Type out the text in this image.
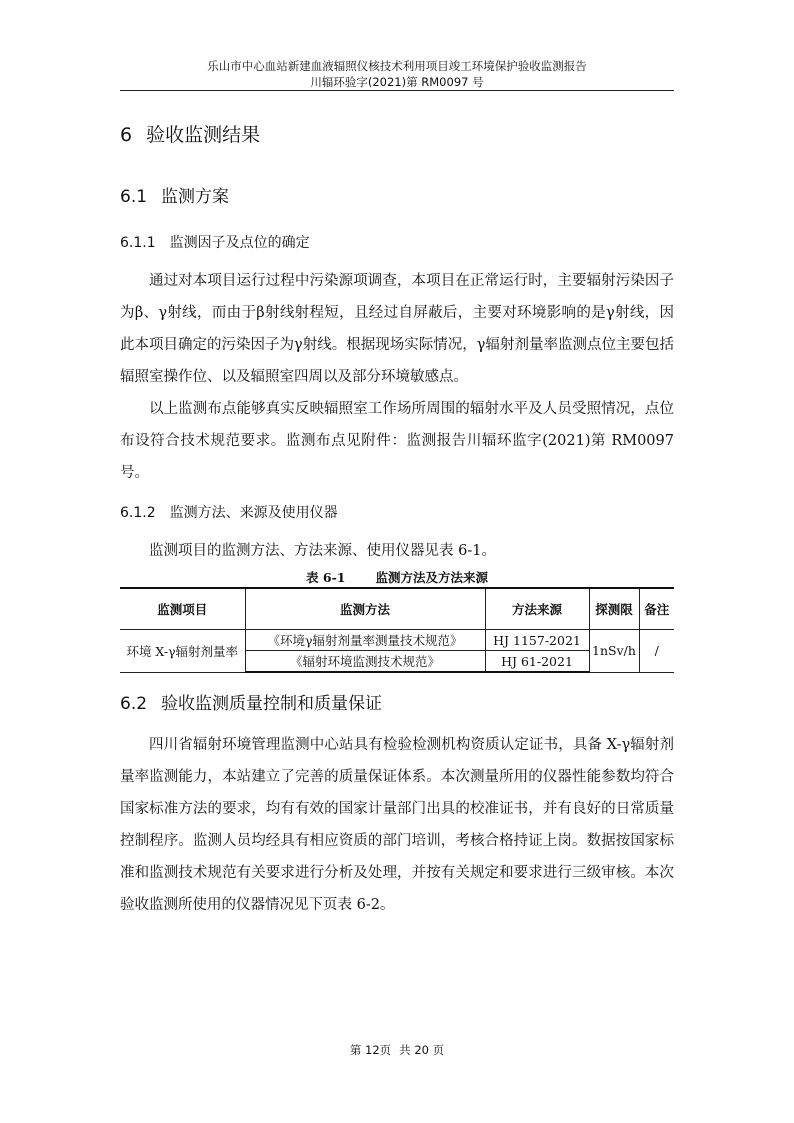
乐山市中心血站新建血液辐照仪核技术利用项目竣工环境保护验收监测报告
川辐环验字(2021)第 RM0097 号
6 验收监测结果
6.1 监测方案
6.1.1 监测因子及点位的确定

通过对本项目运行过程中污染源项调查，本项目在正常运行时，主要辐射污染因子为β、γ射线，而由于β射线射程短，且经过自屏蔽后，主要对环境影响的是γ射线，因此本项目确定的污染因子为γ射线。根据现场实际情况，γ辐射剂量率监测点位主要包括辐照室操作位、以及辐照室四周以及部分环境敏感点。

以上监测布点能够真实反映辐照室工作场所周围的辐射水平及人员受照情况，点位布设符合技术规范要求。监测布点见附件：监测报告川辐环监字(2021)第 RM0097 号。

6.1.2 监测方法、来源及使用仪器

监测项目的监测方法、方法来源、使用仪器见表 6-1。

表 6-1 监测方法及方法来源
监测项目	监测方法	方法来源	探测限	备注
环境 X-γ辐射剂量率	《环境γ辐射剂量率测量技术规范》	HJ 1157-2021	1nSv/h	/
	《辐射环境监测技术规范》	HJ 61-2021		
6.2 验收监测质量控制和质量保证

四川省辐射环境管理监测中心站具有检验检测机构资质认定证书，具备 X-γ辐射剂量率监测能力，本站建立了完善的质量保证体系。本次测量所用的仪器性能参数均符合国家标准方法的要求，均有有效的国家计量部门出具的校准证书，并有良好的日常质量控制程序。监测人员均经具有相应资质的部门培训，考核合格持证上岗。数据按国家标准和监测技术规范有关要求进行分析及处理，并按有关规定和要求进行三级审核。本次验收监测所使用的仪器情况见下页表 6-2。

第 12页 共 20 页
